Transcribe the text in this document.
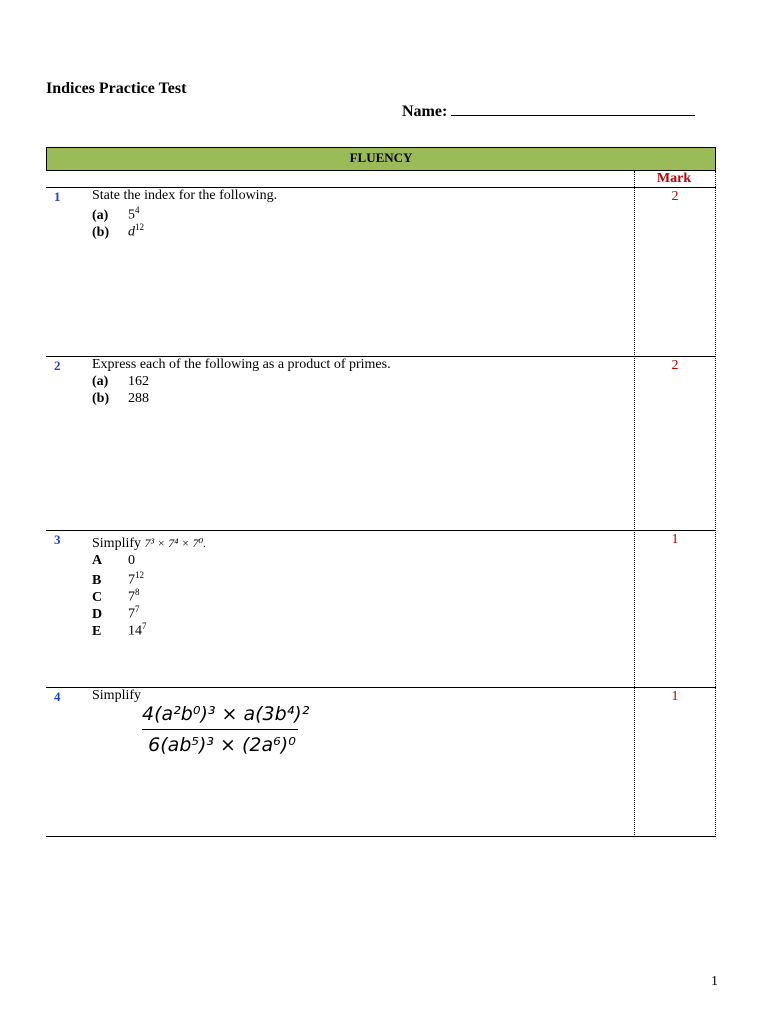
Indices Practice Test
Name:
FLUENCY
Mark
1 State the index for the following.	2
(a) $5^4$
(b) $d^{12}$
2 Express each of the following as a product of primes.	2
(a) 162
(b) 288
3 Simplify 7³ × 7⁴ × 7⁰.	1
A 0
B $7^{12}$
C $7^8$
D $7^7$
E $14^7$
4 Simplify	1
4(a²b⁰)³ × a(3b⁴)²
6(ab⁵)³ × (2a⁶)⁰
1
